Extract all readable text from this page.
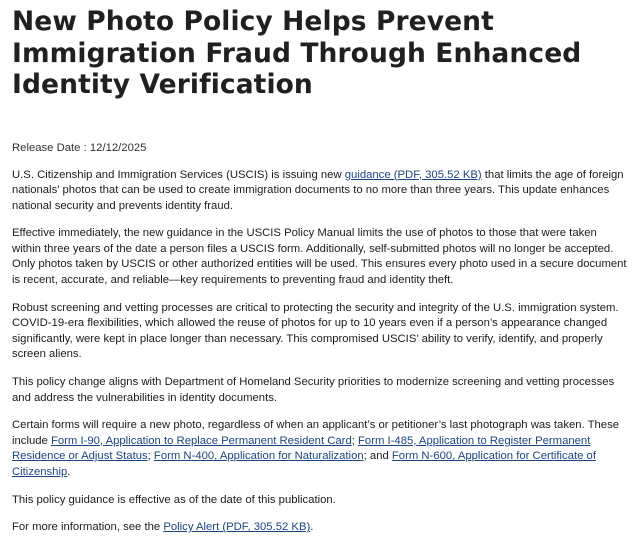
New Photo Policy Helps Prevent Immigration Fraud Through Enhanced Identity Verification
Release Date : 12/12/2025

U.S. Citizenship and Immigration Services (USCIS) is issuing new guidance (PDF, 305.52 KB) that limits the age of foreign nationals’ photos that can be used to create immigration documents to no more than three years. This update enhances national security and prevents identity fraud.

Effective immediately, the new guidance in the USCIS Policy Manual limits the use of photos to those that were taken within three years of the date a person files a USCIS form. Additionally, self-submitted photos will no longer be accepted. Only photos taken by USCIS or other authorized entities will be used. This ensures every photo used in a secure document is recent, accurate, and reliable—key requirements to preventing fraud and identity theft.

Robust screening and vetting processes are critical to protecting the security and integrity of the U.S. immigration system. COVID-19-era flexibilities, which allowed the reuse of photos for up to 10 years even if a person’s appearance changed significantly, were kept in place longer than necessary. This compromised USCIS’ ability to verify, identify, and properly screen aliens.

This policy change aligns with Department of Homeland Security priorities to modernize screening and vetting processes and address the vulnerabilities in identity documents.

Certain forms will require a new photo, regardless of when an applicant’s or petitioner’s last photograph was taken. These include Form I-90, Application to Replace Permanent Resident Card; Form I-485, Application to Register Permanent Residence or Adjust Status; Form N-400, Application for Naturalization; and Form N-600, Application for Certificate of Citizenship.

This policy guidance is effective as of the date of this publication.

For more information, see the Policy Alert (PDF, 305.52 KB).
